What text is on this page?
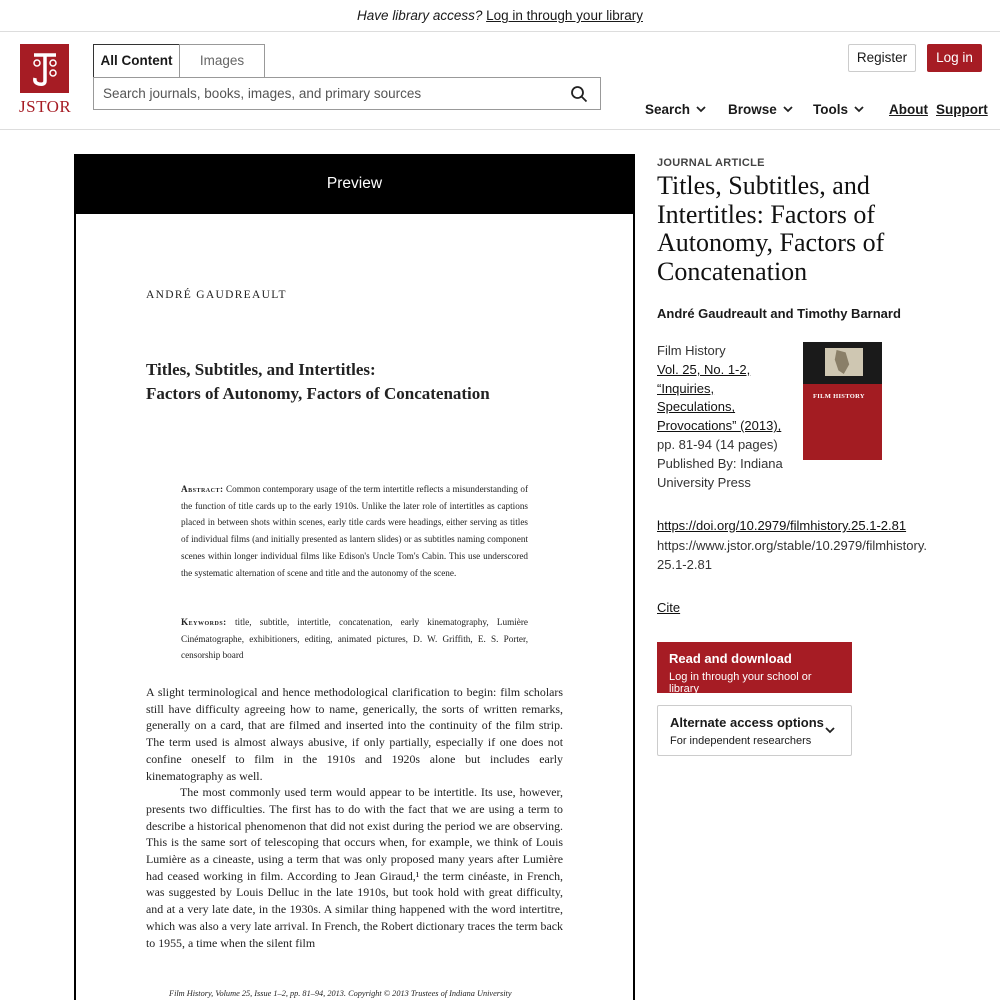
Have library access? Log in through your library
JSTOR
All Content	Images
Search journals, books, images, and primary sources	Register	Log in
Search	Browse	Tools	About Support
Preview
ANDRÉ GAUDREAULT
Titles, Subtitles, and Intertitles:
Factors of Autonomy, Factors of Concatenation
Abstract: Common contemporary usage of the term intertitle reflects a misunderstanding of the function of title cards up to the early 1910s. Unlike the later role of intertitles as captions placed in between shots within scenes, early title cards were headings, either serving as titles of individual films (and initially presented as lantern slides) or as subtitles naming component scenes within longer individual films like Edison's Uncle Tom's Cabin. This use underscored the systematic alternation of scene and title and the autonomy of the scene.
Keywords: title, subtitle, intertitle, concatenation, early kinematography, Lumière Cinématographe, exhibitioners, editing, animated pictures, D. W. Griffith, E. S. Porter, censorship board

A slight terminological and hence methodological clarification to begin: film scholars still have difficulty agreeing how to name, generically, the sorts of written remarks, generally on a card, that are filmed and inserted into the continuity of the film strip. The term used is almost always abusive, if only partially, especially if one does not confine oneself to film in the 1910s and 1920s alone but includes early kinematography as well.

The most commonly used term would appear to be intertitle. Its use, however, presents two difficulties. The first has to do with the fact that we are using a term to describe a historical phenomenon that did not exist during the period we are observing. This is the same sort of telescoping that occurs when, for example, we think of Louis Lumière as a cineaste, using a term that was only proposed many years after Lumière had ceased working in film. According to Jean Giraud,¹ the term cinéaste, in French, was suggested by Louis Delluc in the late 1910s, but took hold with great difficulty, and at a very late date, in the 1930s. A similar thing happened with the word intertitre, which was also a very late arrival. In French, the Robert dictionary traces the term back to 1955, a time when the silent film

Film History, Volume 25, Issue 1–2, pp. 81–94, 2013. Copyright © 2013 Trustees of Indiana University
JOURNAL ARTICLE
Titles, Subtitles, and Intertitles: Factors of Autonomy, Factors of Concatenation
André Gaudreault and Timothy Barnard
Film History
Vol. 25, No. 1-2, “Inquiries, Speculations, Provocations” (2013),
pp. 81-94 (14 pages)
Published By: Indiana University Press
FILM HISTORY
https://doi.org/10.2979/filmhistory.25.1-2.81
https://www.jstor.org/stable/10.2979/filmhistory.25.1-2.81
Cite
Read and download
Log in through your school or library
Alternate access options
For independent researchers
